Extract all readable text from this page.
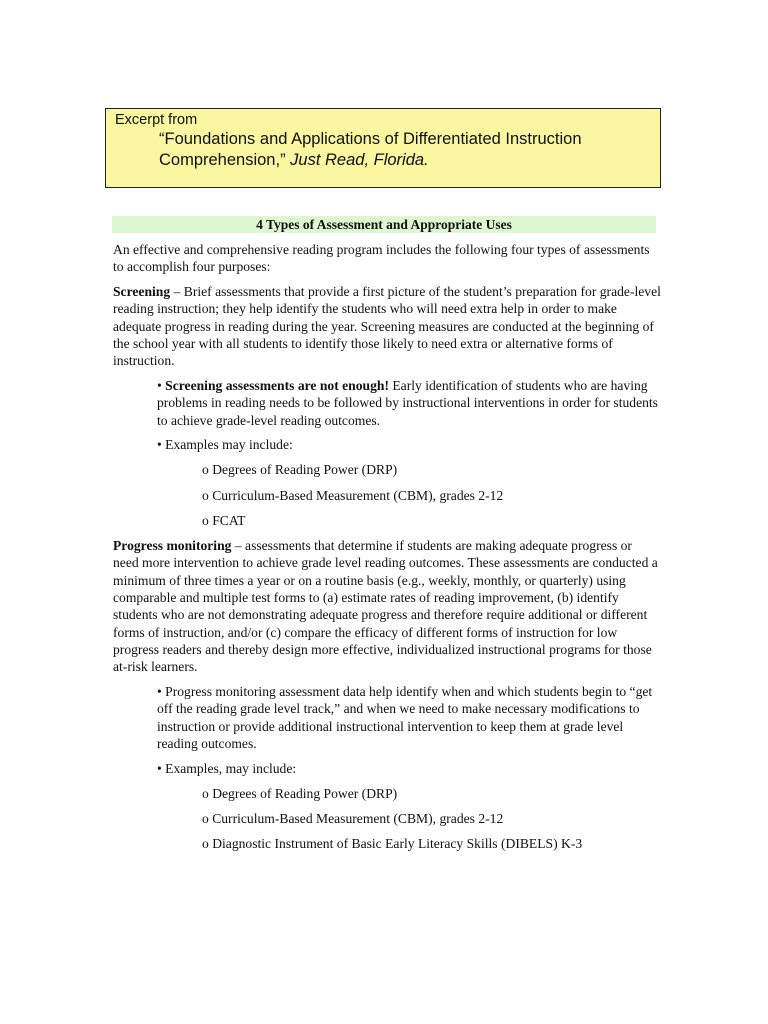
Excerpt from
“Foundations and Applications of Differentiated Instruction
Comprehension,” Just Read, Florida.
4 Types of Assessment and Appropriate Uses

An effective and comprehensive reading program includes the following four types of assessments to accomplish four purposes:

Screening – Brief assessments that provide a first picture of the student’s preparation for grade-level reading instruction; they help identify the students who will need extra help in order to make adequate progress in reading during the year. Screening measures are conducted at the beginning of the school year with all students to identify those likely to need extra or alternative forms of instruction.

• Screening assessments are not enough! Early identification of students who are having problems in reading needs to be followed by instructional interventions in order for students to achieve grade-level reading outcomes.

• Examples may include:

o Degrees of Reading Power (DRP)

o Curriculum-Based Measurement (CBM), grades 2-12

o FCAT

Progress monitoring – assessments that determine if students are making adequate progress or need more intervention to achieve grade level reading outcomes. These assessments are conducted a minimum of three times a year or on a routine basis (e.g., weekly, monthly, or quarterly) using comparable and multiple test forms to (a) estimate rates of reading improvement, (b) identify students who are not demonstrating adequate progress and therefore require additional or different forms of instruction, and/or (c) compare the efficacy of different forms of instruction for low progress readers and thereby design more effective, individualized instructional programs for those at-risk learners.

• Progress monitoring assessment data help identify when and which students begin to “get off the reading grade level track,” and when we need to make necessary modifications to instruction or provide additional instructional intervention to keep them at grade level reading outcomes.

• Examples, may include:

o Degrees of Reading Power (DRP)

o Curriculum-Based Measurement (CBM), grades 2-12

o Diagnostic Instrument of Basic Early Literacy Skills (DIBELS) K-3
